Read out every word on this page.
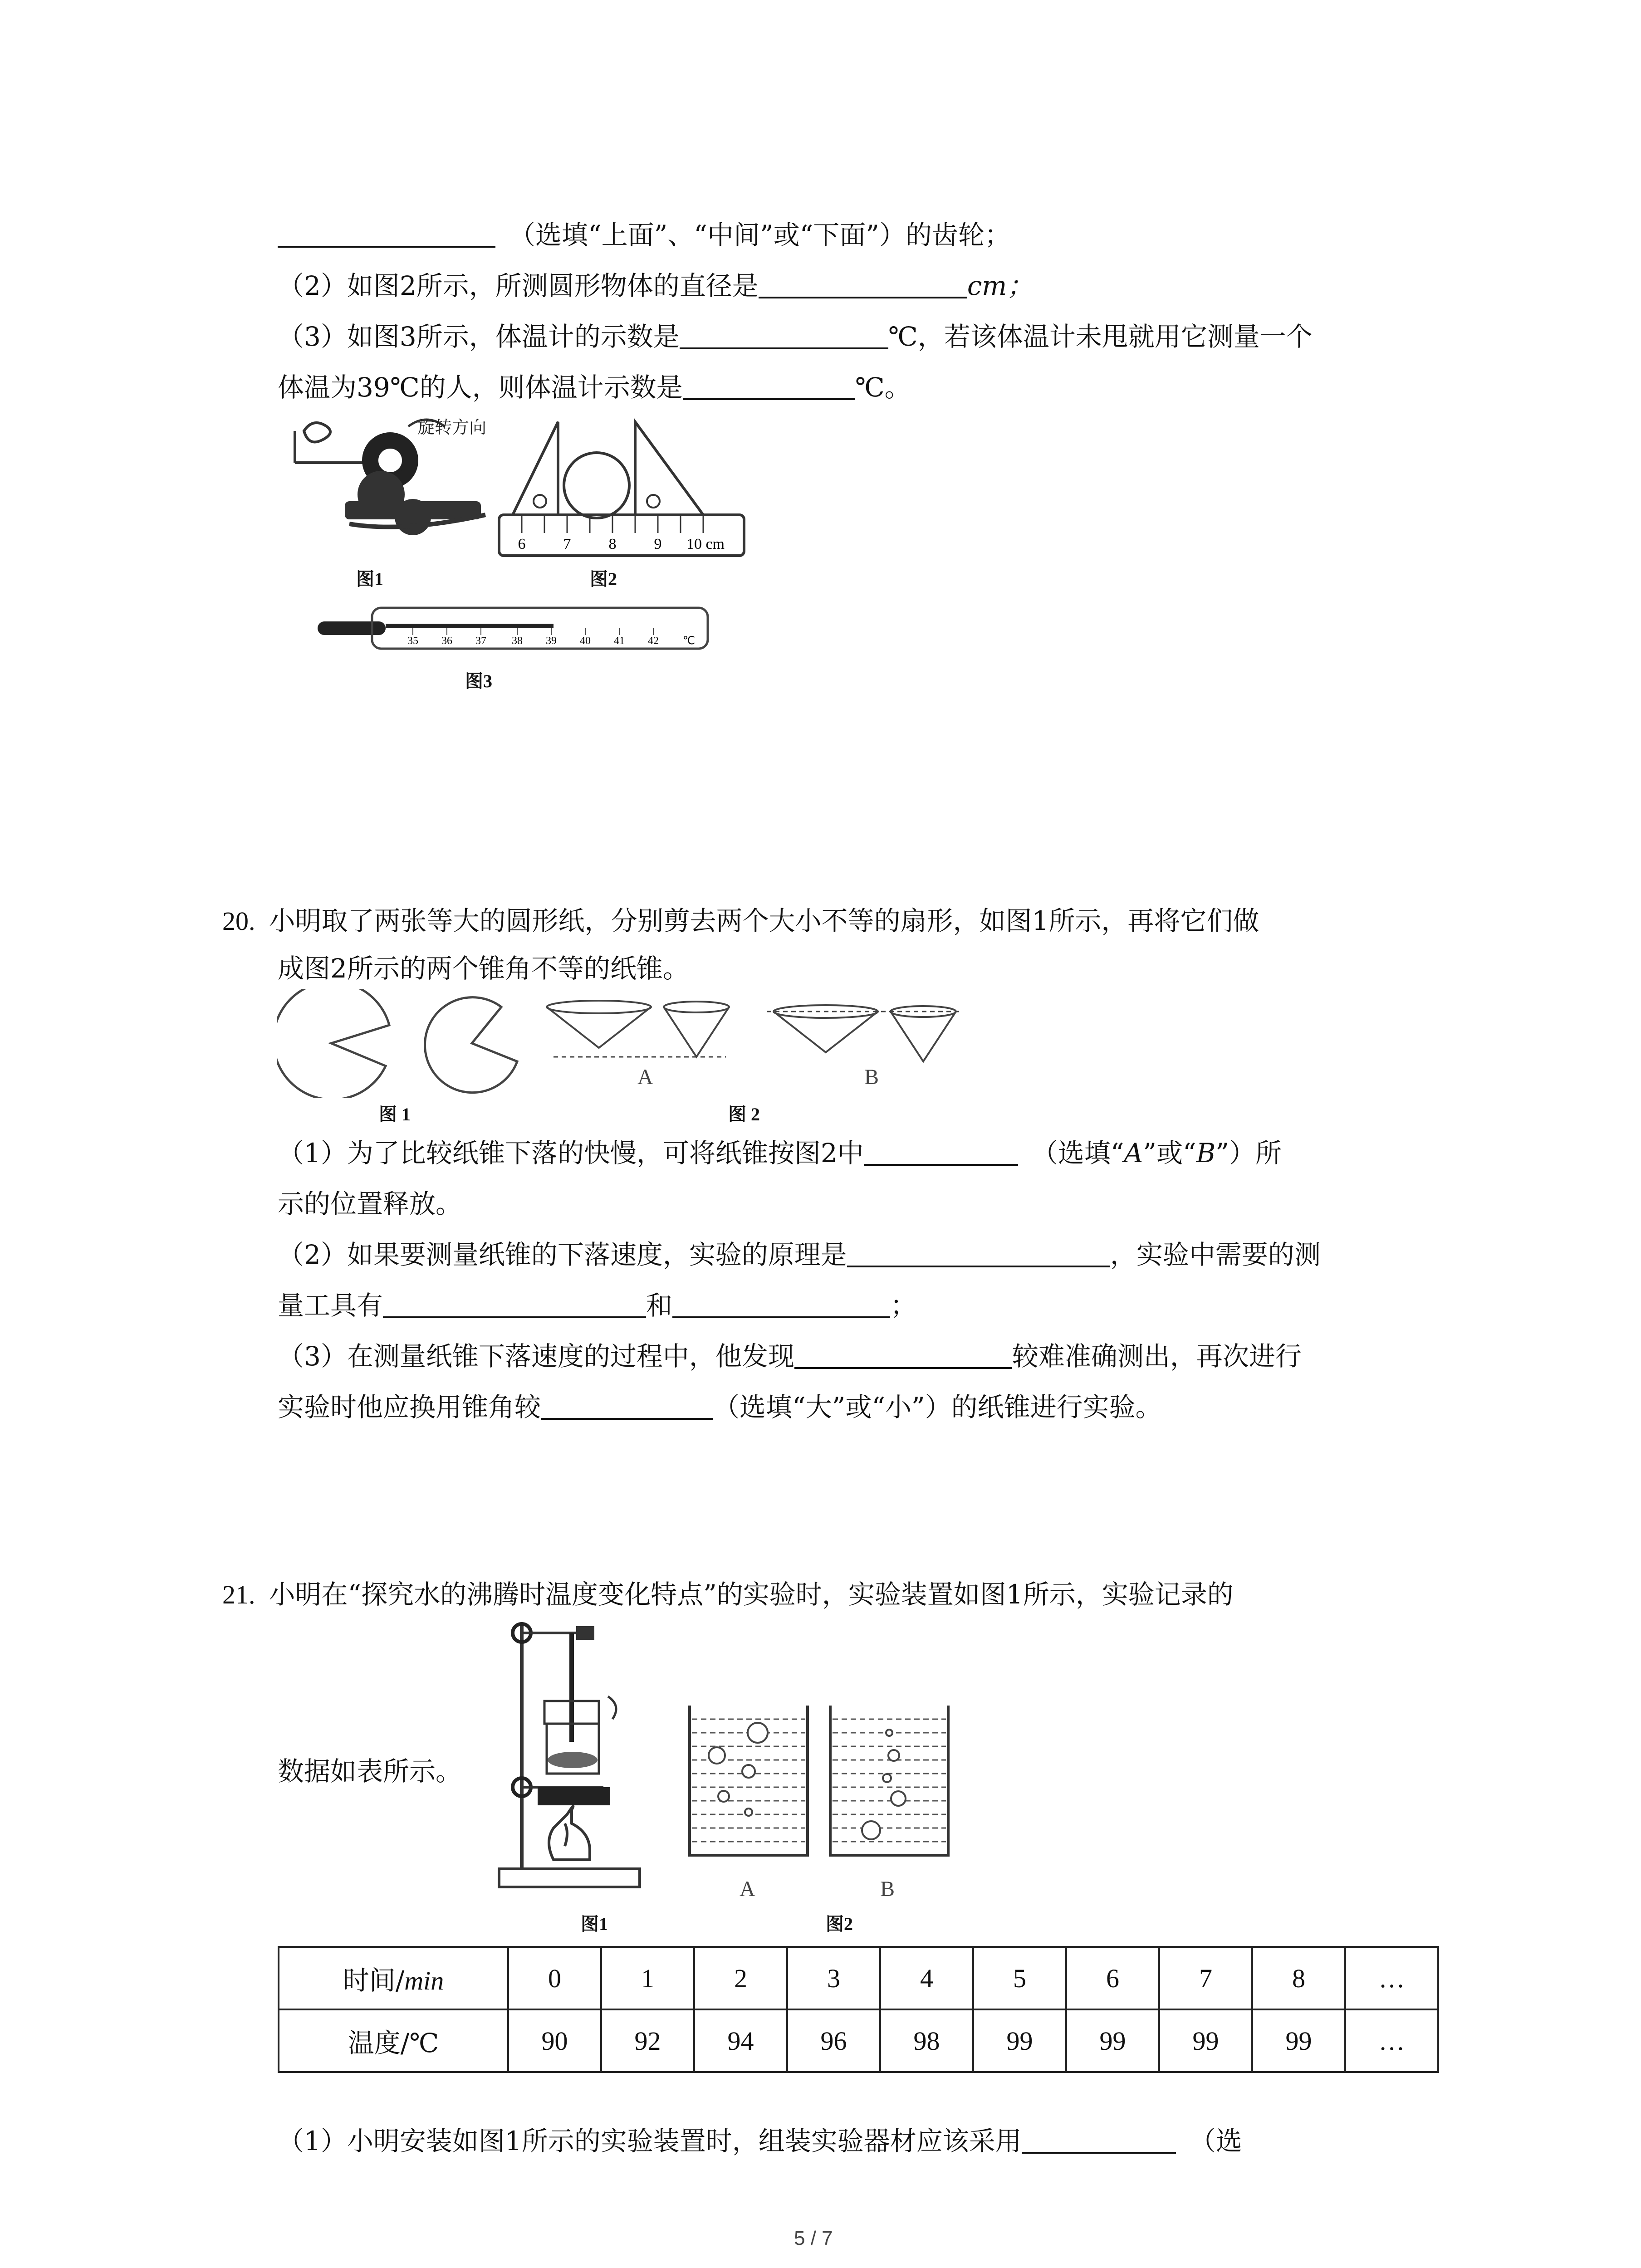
（选填“上面”、“中间”或“下面”）的齿轮；
（2）如图2所示，所测圆形物体的直径是	cm；
（3）如图3所示，体温计的示数是	℃，若该体温计未甩就用它测量一个
体温为39℃的人，则体温计示数是	℃。
旋转方向
图1
6 7 8 9 10 cm
图2
35 36 37 38 39 40 41 42 ℃
图3
20. 小明取了两张等大的圆形纸，分别剪去两个大小不等的扇形，如图1所示，再将它们做
成图2所示的两个锥角不等的纸锥。
图 1
A	B
图 2
（1）为了比较纸锥下落的快慢，可将纸锥按图2中	（选填“A”或“B”）所
示的位置释放。
（2）如果要测量纸锥的下落速度，实验的原理是	，实验中需要的测
量工具有	和	；
（3）在测量纸锥下落速度的过程中，他发现	较难准确测出，再次进行
实验时他应换用锥角较	（选填“大”或“小”）的纸锥进行实验。
21. 小明在“探究水的沸腾时温度变化特点”的实验时，实验装置如图1所示，实验记录的
数据如表所示。
图1
A	B
图2
时间/min	0	1	2	3	4	5	6	7	8	…
温度/℃	90	92	94	96	98	99	99	99	99	…
（1）小明安装如图1所示的实验装置时，组装实验器材应该采用	（选
5 / 7
